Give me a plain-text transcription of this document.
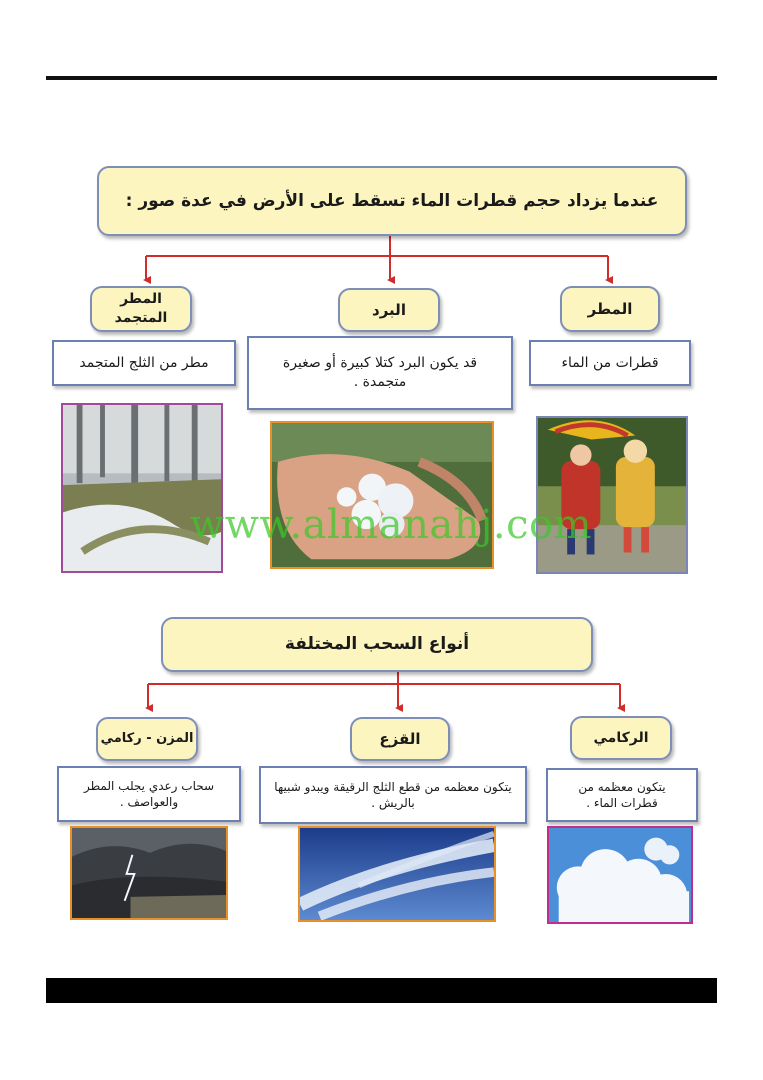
عندما يزداد حجم قطرات الماء تسقط على الأرض في عدة صور :
المطر
قطرات من الماء
البرد
قد يكون البرد كتلا كبيرة أو صغيرة متجمدة .
المطر المتجمد
مطر من الثلج المتجمد
www.almanahj.com
أنواع السحب المختلفة
الركامي
يتكون معظمه من قطرات الماء .
القزع
يتكون معظمه من قطع الثلج الرقيقة ويبدو شبيها بالريش .
المزن - ركامي
سحاب رعدي يجلب المطر والعواصف .
